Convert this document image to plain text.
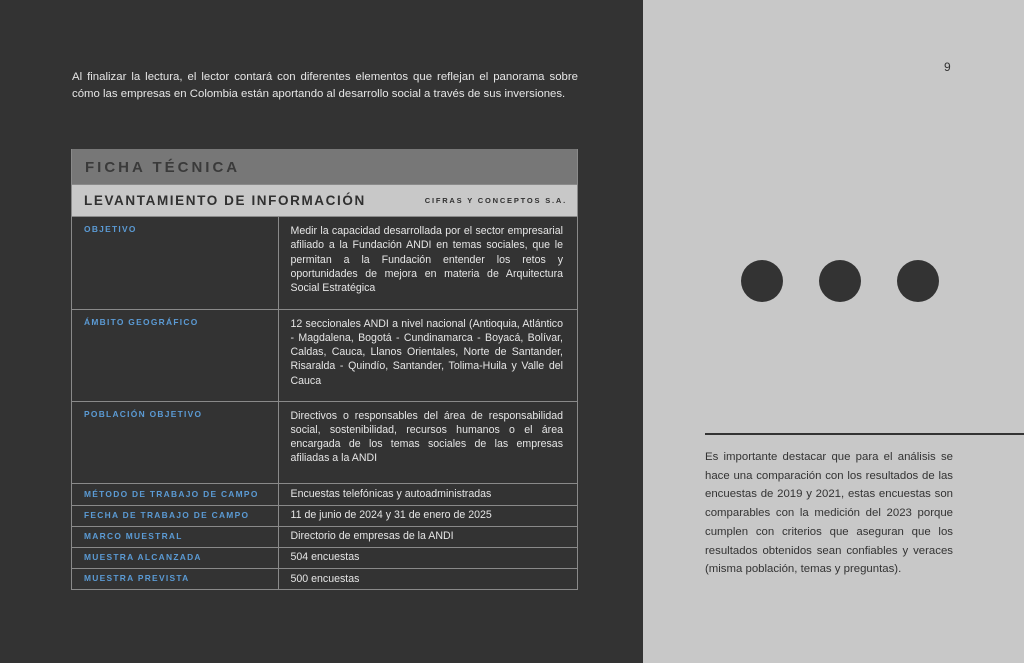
Al finalizar la lectura, el lector contará con diferentes elementos que reflejan el panorama sobre cómo las empresas en Colombia están aportando al desarrollo social a través de sus inversiones.

FICHA TÉCNICA
LEVANTAMIENTO DE INFORMACIÓN	CIFRAS Y CONCEPTOS S.A.
OBJETIVO	Medir la capacidad desarrollada por el sector empresarial afiliado a la Fundación ANDI en temas sociales, que le permitan a la Fundación entender los retos y oportunidades de mejora en materia de Arquitectura Social Estratégica
ÁMBITO GEOGRÁFICO	12 seccionales ANDI a nivel nacional (Antioquia, Atlántico - Magdalena, Bogotá - Cundinamarca - Boyacá, Bolívar, Caldas, Cauca, Llanos Orientales, Norte de Santander, Risaralda - Quindío, Santander, Tolima-Huila y Valle del Cauca
POBLACIÓN OBJETIVO	Directivos o responsables del área de responsabilidad social, sostenibilidad, recursos humanos o el área encargada de los temas sociales de las empresas afiliadas a la ANDI
MÉTODO DE TRABAJO DE CAMPO	Encuestas telefónicas y autoadministradas
FECHA DE TRABAJO DE CAMPO	11 de junio de 2024 y 31 de enero de 2025
MARCO MUESTRAL	Directorio de empresas de la ANDI
MUESTRA ALCANZADA	504 encuestas
MUESTRA PREVISTA	500 encuestas
9

Es importante destacar que para el análisis se hace una comparación con los resultados de las encuestas de 2019 y 2021, estas encuestas son comparables con la medición del 2023 porque cumplen con criterios que aseguran que los resultados obtenidos sean confiables y veraces (misma población, temas y preguntas).
